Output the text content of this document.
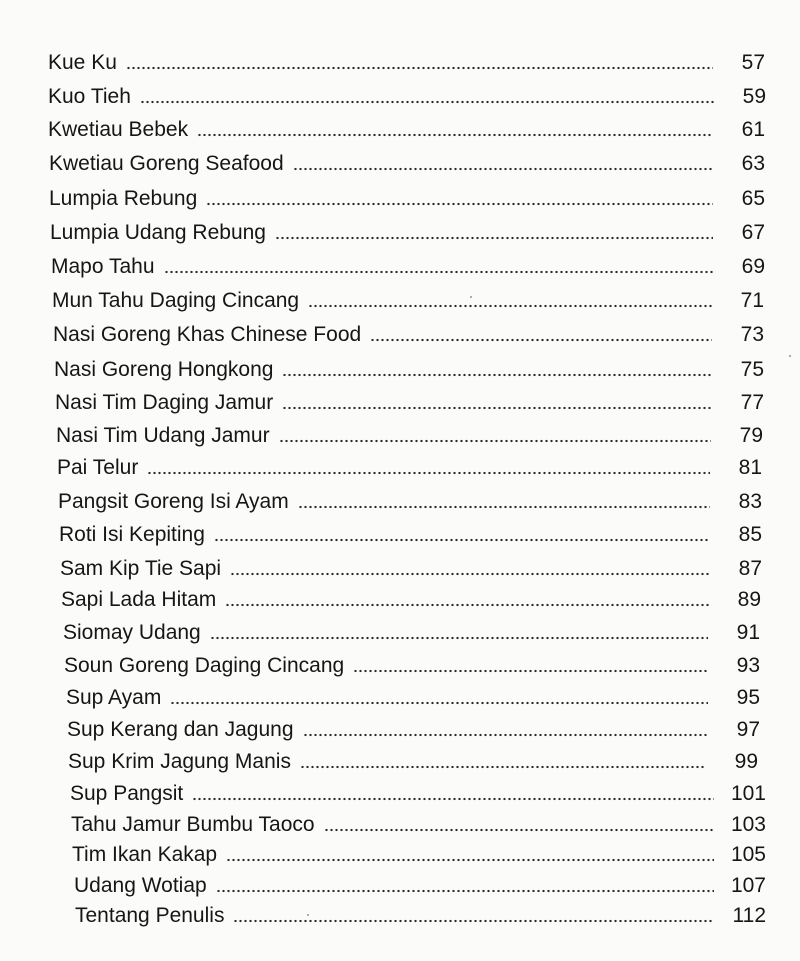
Kue Ku	57
Kuo Tieh	59
Kwetiau Bebek	61
Kwetiau Goreng Seafood	63
Lumpia Rebung	65
Lumpia Udang Rebung	67
Mapo Tahu	69
Mun Tahu Daging Cincang	71
Nasi Goreng Khas Chinese Food	73
Nasi Goreng Hongkong	75
Nasi Tim Daging Jamur	77
Nasi Tim Udang Jamur	79
Pai Telur	81
Pangsit Goreng Isi Ayam	83
Roti Isi Kepiting	85
Sam Kip Tie Sapi	87
Sapi Lada Hitam	89
Siomay Udang	91
Soun Goreng Daging Cincang	93
Sup Ayam	95
Sup Kerang dan Jagung	97
Sup Krim Jagung Manis	99
Sup Pangsit	101
Tahu Jamur Bumbu Taoco	103
Tim Ikan Kakap	105
Udang Wotiap	107
Tentang Penulis	112
